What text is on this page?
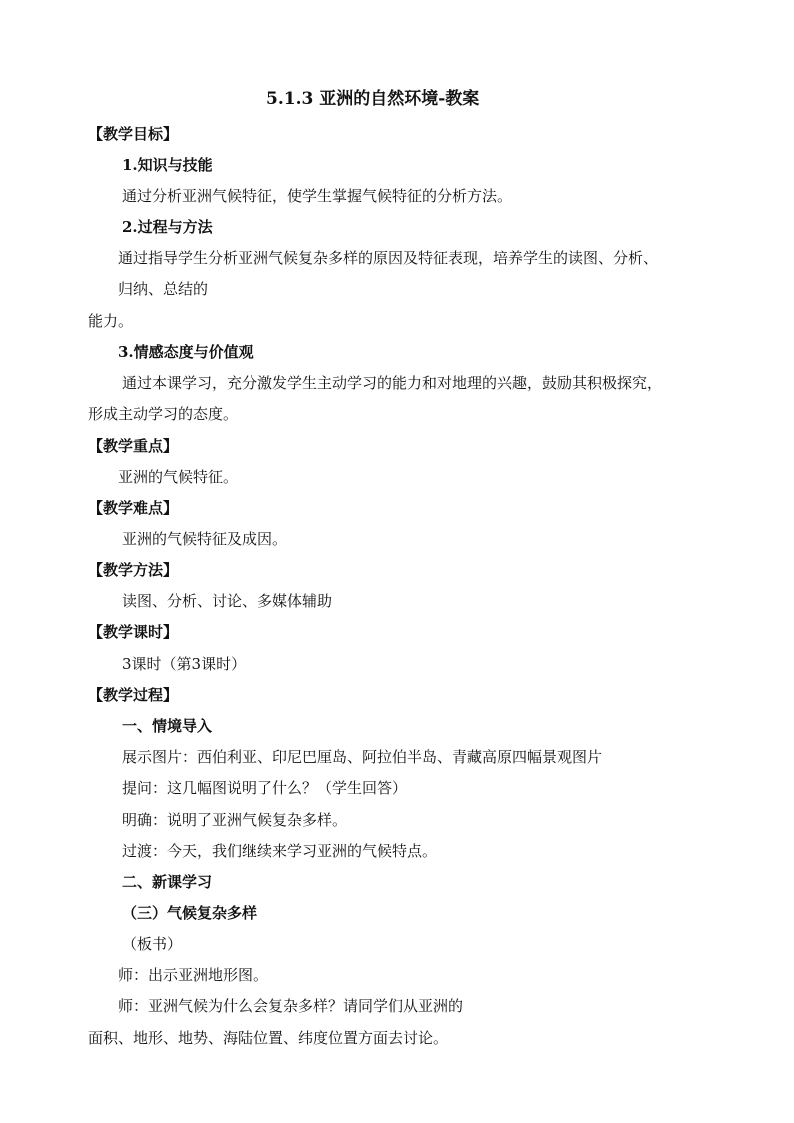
5.1.3 亚洲的自然环境-教案
【教学目标】
1.知识与技能
通过分析亚洲气候特征，使学生掌握气候特征的分析方法。
2.过程与方法
通过指导学生分析亚洲气候复杂多样的原因及特征表现，培养学生的读图、分析、
归纳、总结的
能力。
3.情感态度与价值观
通过本课学习，充分激发学生主动学习的能力和对地理的兴趣，鼓励其积极探究，
形成主动学习的态度。
【教学重点】
亚洲的气候特征。
【教学难点】
亚洲的气候特征及成因。
【教学方法】
读图、分析、讨论、多媒体辅助
【教学课时】
3课时（第3课时）
【教学过程】
一、情境导入
展示图片：西伯利亚、印尼巴厘岛、阿拉伯半岛、青藏高原四幅景观图片
提问：这几幅图说明了什么？（学生回答）
明确：说明了亚洲气候复杂多样。
过渡：今天，我们继续来学习亚洲的气候特点。
二、新课学习
（三）气候复杂多样
（板书）
师：出示亚洲地形图。
师：亚洲气候为什么会复杂多样？请同学们从亚洲的
面积、地形、地势、海陆位置、纬度位置方面去讨论。
